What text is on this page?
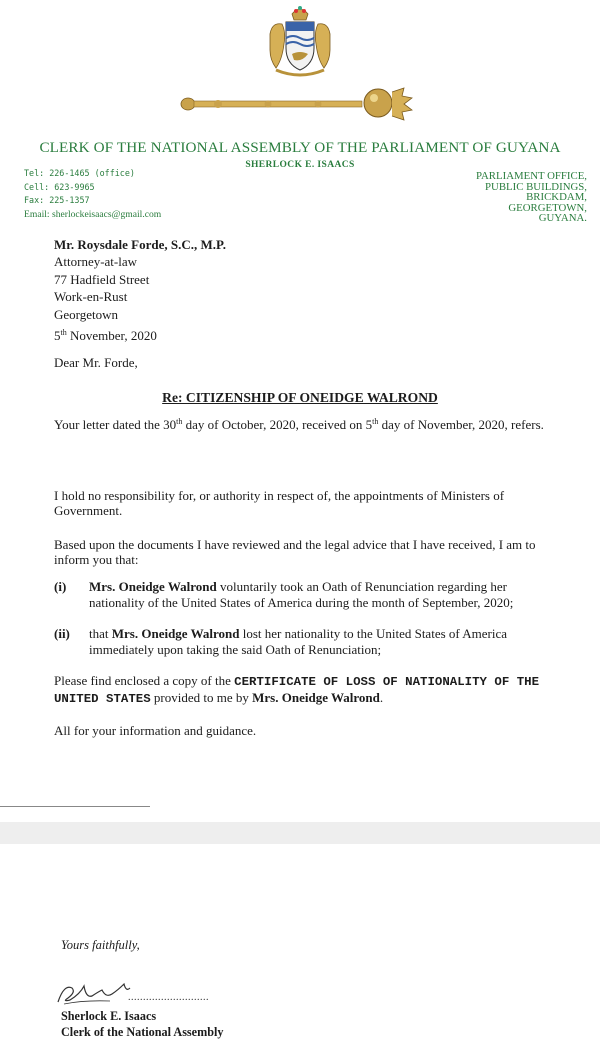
CLERK OF THE NATIONAL ASSEMBLY OF THE PARLIAMENT OF GUYANA
SHERLOCK E. ISAACS
Tel: 226-1465 (office)
Cell: 623-9965
Fax: 225-1357
Email: sherlockeisaacs@gmail.com
PARLIAMENT OFFICE,
PUBLIC BUILDINGS,
BRICKDAM,
GEORGETOWN,
GUYANA.
Mr. Roysdale Forde, S.C., M.P.
Attorney-at-law
77 Hadfield Street
Work-en-Rust
Georgetown
5th November, 2020
Dear Mr. Forde,
Re: CITIZENSHIP OF ONEIDGE WALROND
Your letter dated the 30th day of October, 2020, received on 5th day of November, 2020, refers.
I hold no responsibility for, or authority in respect of, the appointments of Ministers of Government.
Based upon the documents I have reviewed and the legal advice that I have received, I am to inform you that:
(i) Mrs. Oneidge Walrond voluntarily took an Oath of Renunciation regarding her nationality of the United States of America during the month of September, 2020;
(ii) that Mrs. Oneidge Walrond lost her nationality to the United States of America immediately upon taking the said Oath of Renunciation;
Please find enclosed a copy of the CERTIFICATE OF LOSS OF NATIONALITY OF THE UNITED STATES provided to me by Mrs. Oneidge Walrond.
All for your information and guidance.
Yours faithfully,
...........................
Sherlock E. Isaacs
Clerk of the National Assembly
